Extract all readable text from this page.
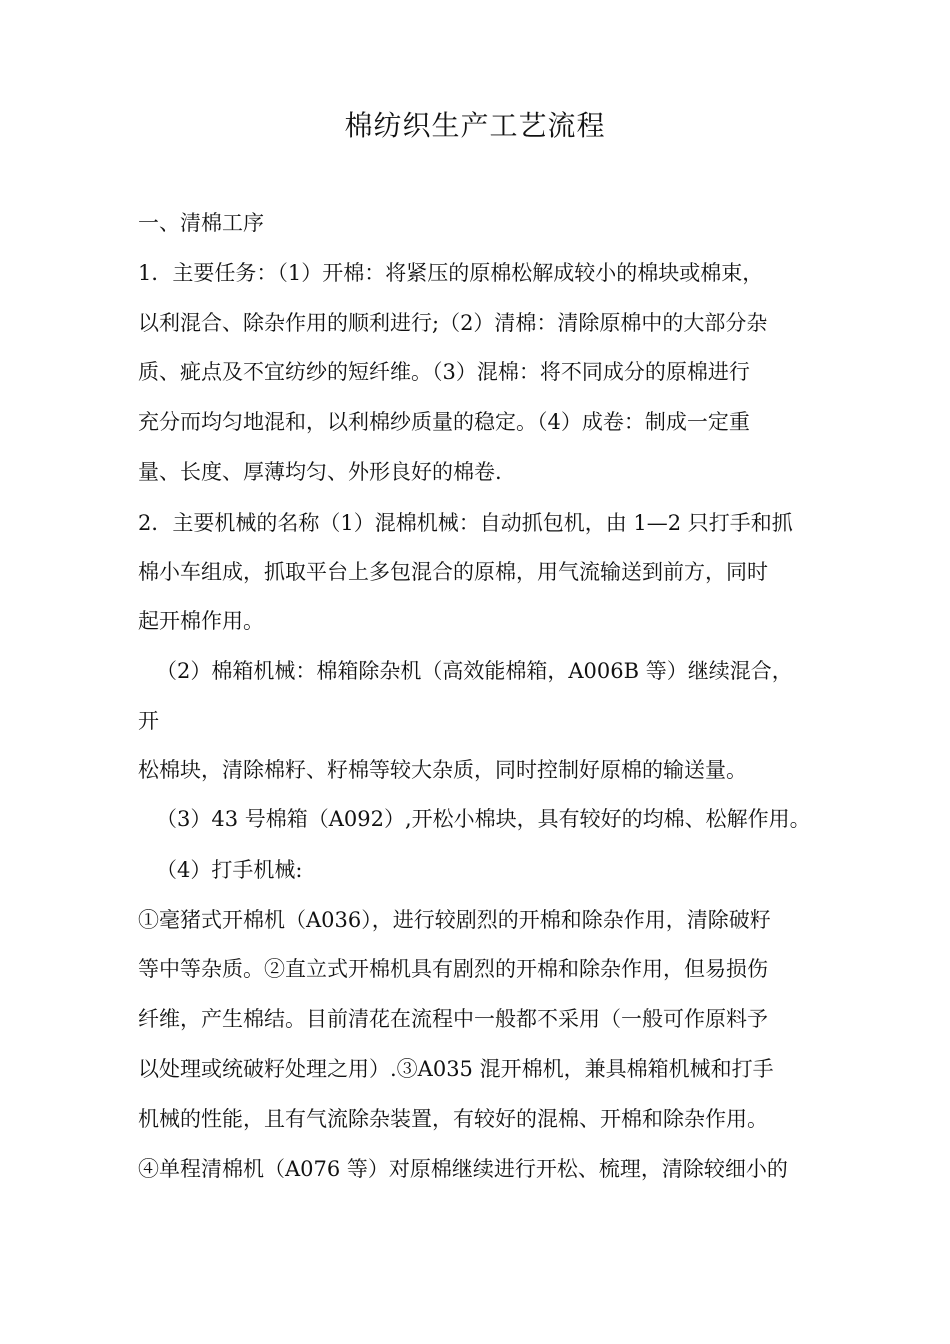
棉纺织生产工艺流程
一、清棉工序
1．主要任务：（1）开棉：将紧压的原棉松解成较小的棉块或棉束，
以利混合、除杂作用的顺利进行;（2）清棉：清除原棉中的大部分杂
质、疵点及不宜纺纱的短纤维。（3）混棉：将不同成分的原棉进行
充分而均匀地混和，以利棉纱质量的稳定。（4）成卷：制成一定重
量、长度、厚薄均匀、外形良好的棉卷.
2．主要机械的名称（1）混棉机械：自动抓包机，由 1—2 只打手和抓
棉小车组成，抓取平台上多包混合的原棉，用气流输送到前方，同时
起开棉作用。
（2）棉箱机械：棉箱除杂机（高效能棉箱，A006B 等）继续混合，
开
松棉块，清除棉籽、籽棉等较大杂质，同时控制好原棉的输送量。
（3）43 号棉箱（A092）,开松小棉块，具有较好的均棉、松解作用。
（4）打手机械:
①毫猪式开棉机（A036），进行较剧烈的开棉和除杂作用，清除破籽
等中等杂质。②直立式开棉机具有剧烈的开棉和除杂作用，但易损伤
纤维，产生棉结。目前清花在流程中一般都不采用（一般可作原料予
以处理或统破籽处理之用）.③A035 混开棉机，兼具棉箱机械和打手
机械的性能，且有气流除杂装置，有较好的混棉、开棉和除杂作用。
④单程清棉机（A076 等）对原棉继续进行开松、梳理，清除较细小的
